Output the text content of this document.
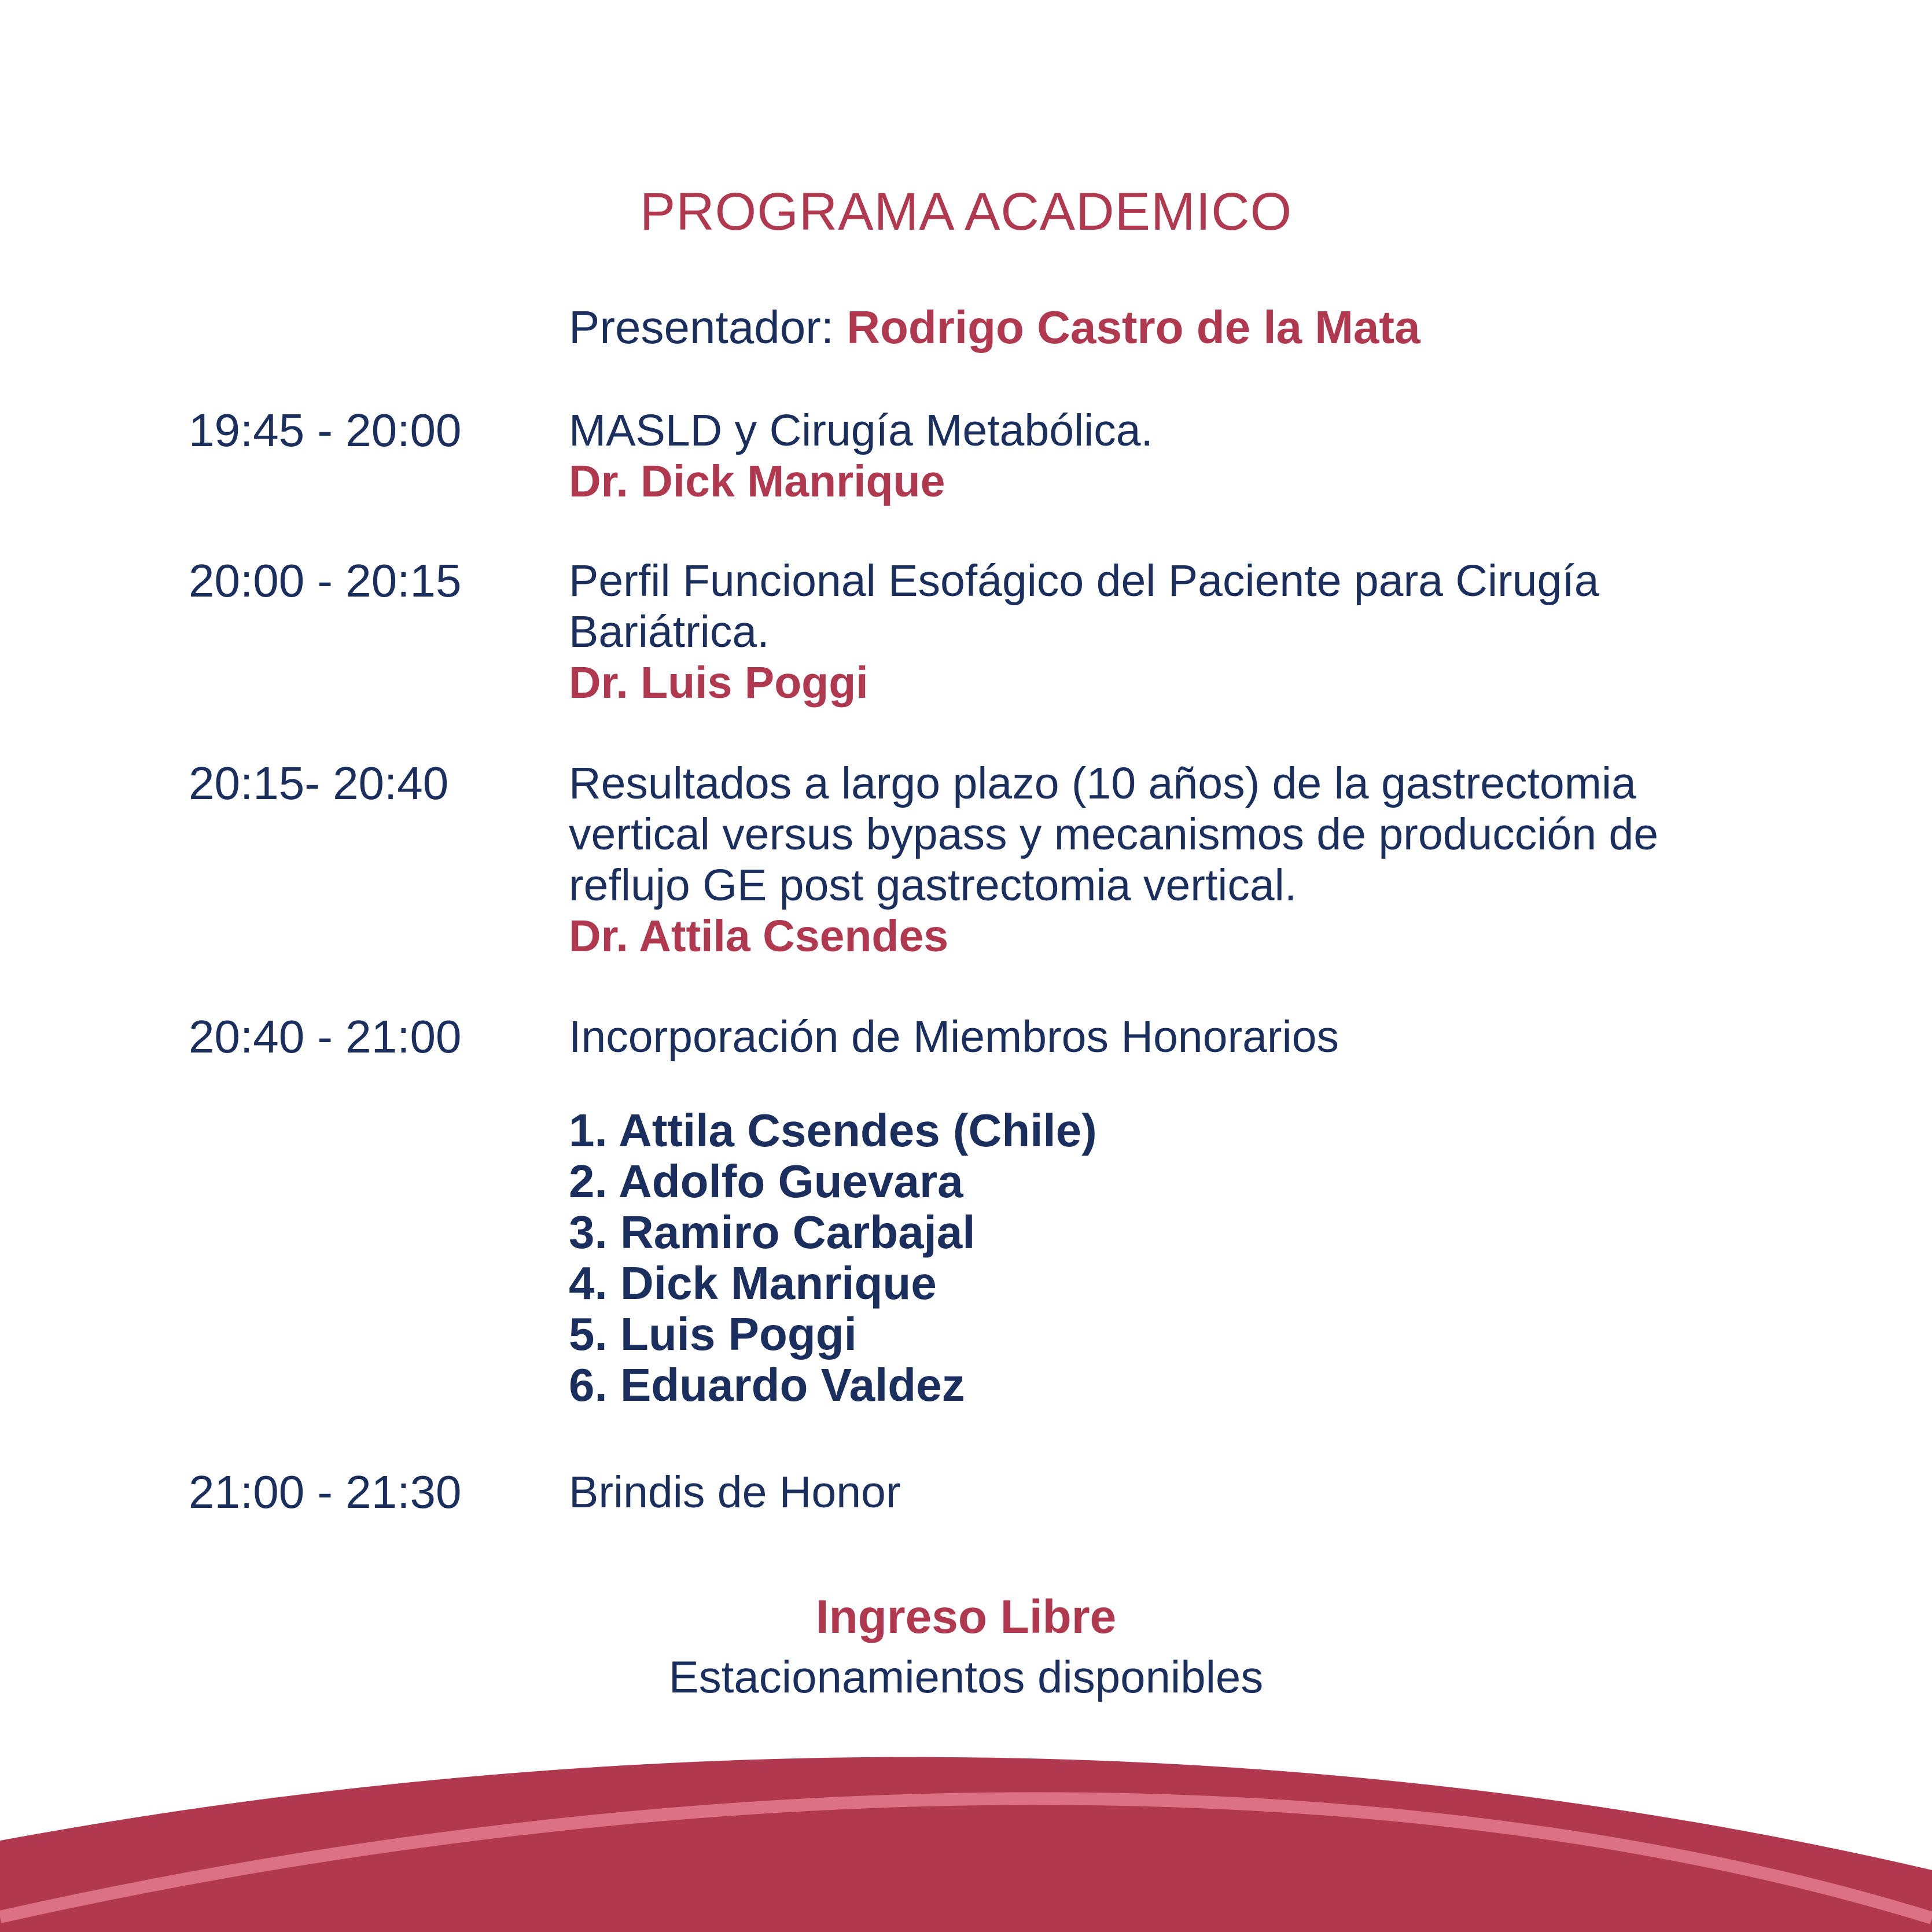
PROGRAMA ACADEMICO
Presentador: Rodrigo Castro de la Mata
19:45 - 20:00 MASLD y Cirugía Metabólica.
Dr. Dick Manrique
20:00 - 20:15 Perfil Funcional Esofágico del Paciente para Cirugía
Bariátrica.
Dr. Luis Poggi
20:15- 20:40	Resultados a largo plazo (10 años) de la gastrectomia
vertical versus bypass y mecanismos de producción de
reflujo GE post gastrectomia vertical.
Dr. Attila Csendes
20:40 - 21:00 Incorporación de Miembros Honorarios
1. Attila Csendes (Chile)
2. Adolfo Guevara
3. Ramiro Carbajal
4. Dick Manrique
5. Luis Poggi
6. Eduardo Valdez
21:00 - 21:30 Brindis de Honor
Ingreso Libre
Estacionamientos disponibles
